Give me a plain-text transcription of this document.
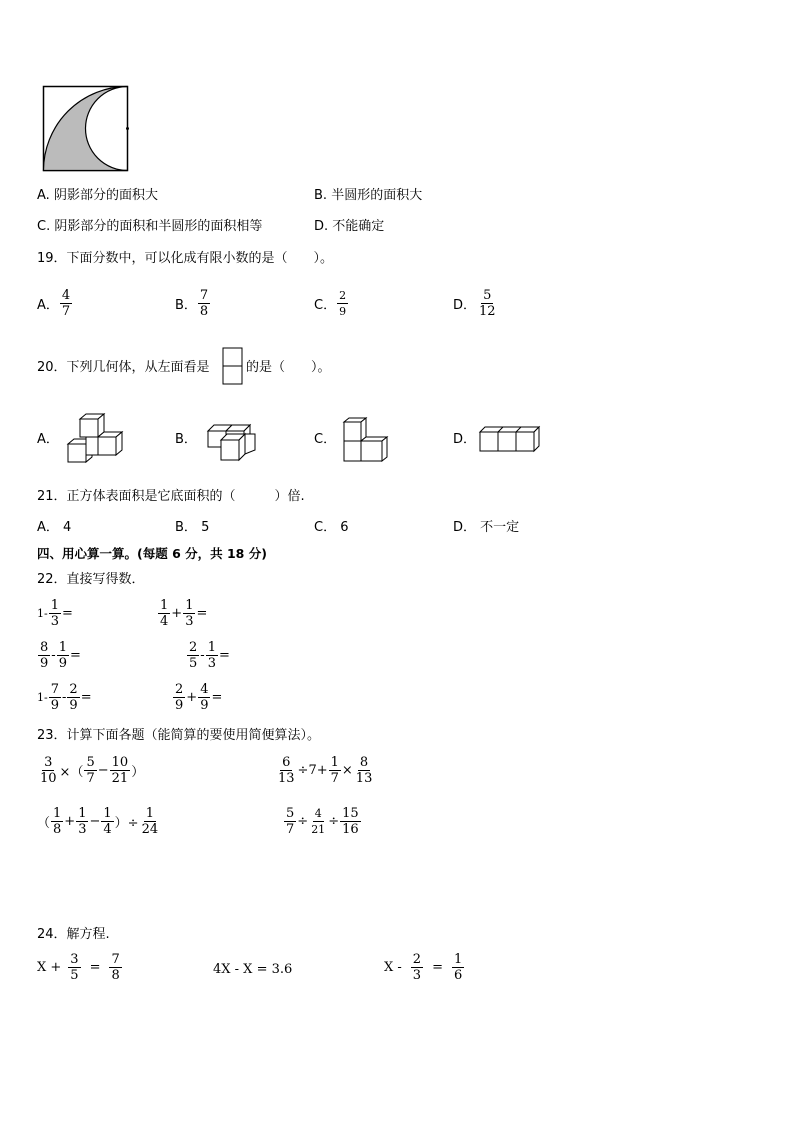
A. 阴影部分的面积大	B. 半圆形的面积大
C. 阴影部分的面积和半圆形的面积相等	D. 不能确定
19．下面分数中，可以化成有限小数的是（　　）。
A． $\frac{4}{7}$	B． $\frac{7}{8}$	C． $\frac{2}{9}$	D． $\frac{5}{12}$
20．下列几何体，从左面看是	的是（　　）。
A．	B．	C．	D．
21．正方体表面积是它底面积的（　　　）倍.
A． 4	B． 5	C． 6	D． 不一定
四、用心算一算。(每题 6 分，共 18 分)
22．直接写得数．
$1- \frac{1}{3}$ =	$\frac{1}{4} + \frac{1}{3}$ =
$\frac{8}{9} - \frac{1}{9}$ =	$\frac{2}{5} - \frac{1}{3}$ =
$1- \frac{7}{9} - \frac{2}{9}$ =	$\frac{2}{9} + \frac{4}{9}$ =
23．计算下面各题（能简算的要使用简便算法）。
$\frac{3}{10}$ ×（ $\frac{5}{7} - \frac{10}{21}$ ）	$\frac{6}{13} \div 7+ \frac{1}{7} \times \frac{8}{13}$
（ $\frac{1}{8} + \frac{1}{3} - \frac{1}{4}$ ）÷ $\frac{1}{24}$	$\frac{5}{7} \div \frac{4}{21} \div \frac{15}{16}$
24．解方程.
$X + \frac{3}{5} = \frac{7}{8}$	4X - X = 3.6	$X - \frac{2}{3} = \frac{1}{6}$
